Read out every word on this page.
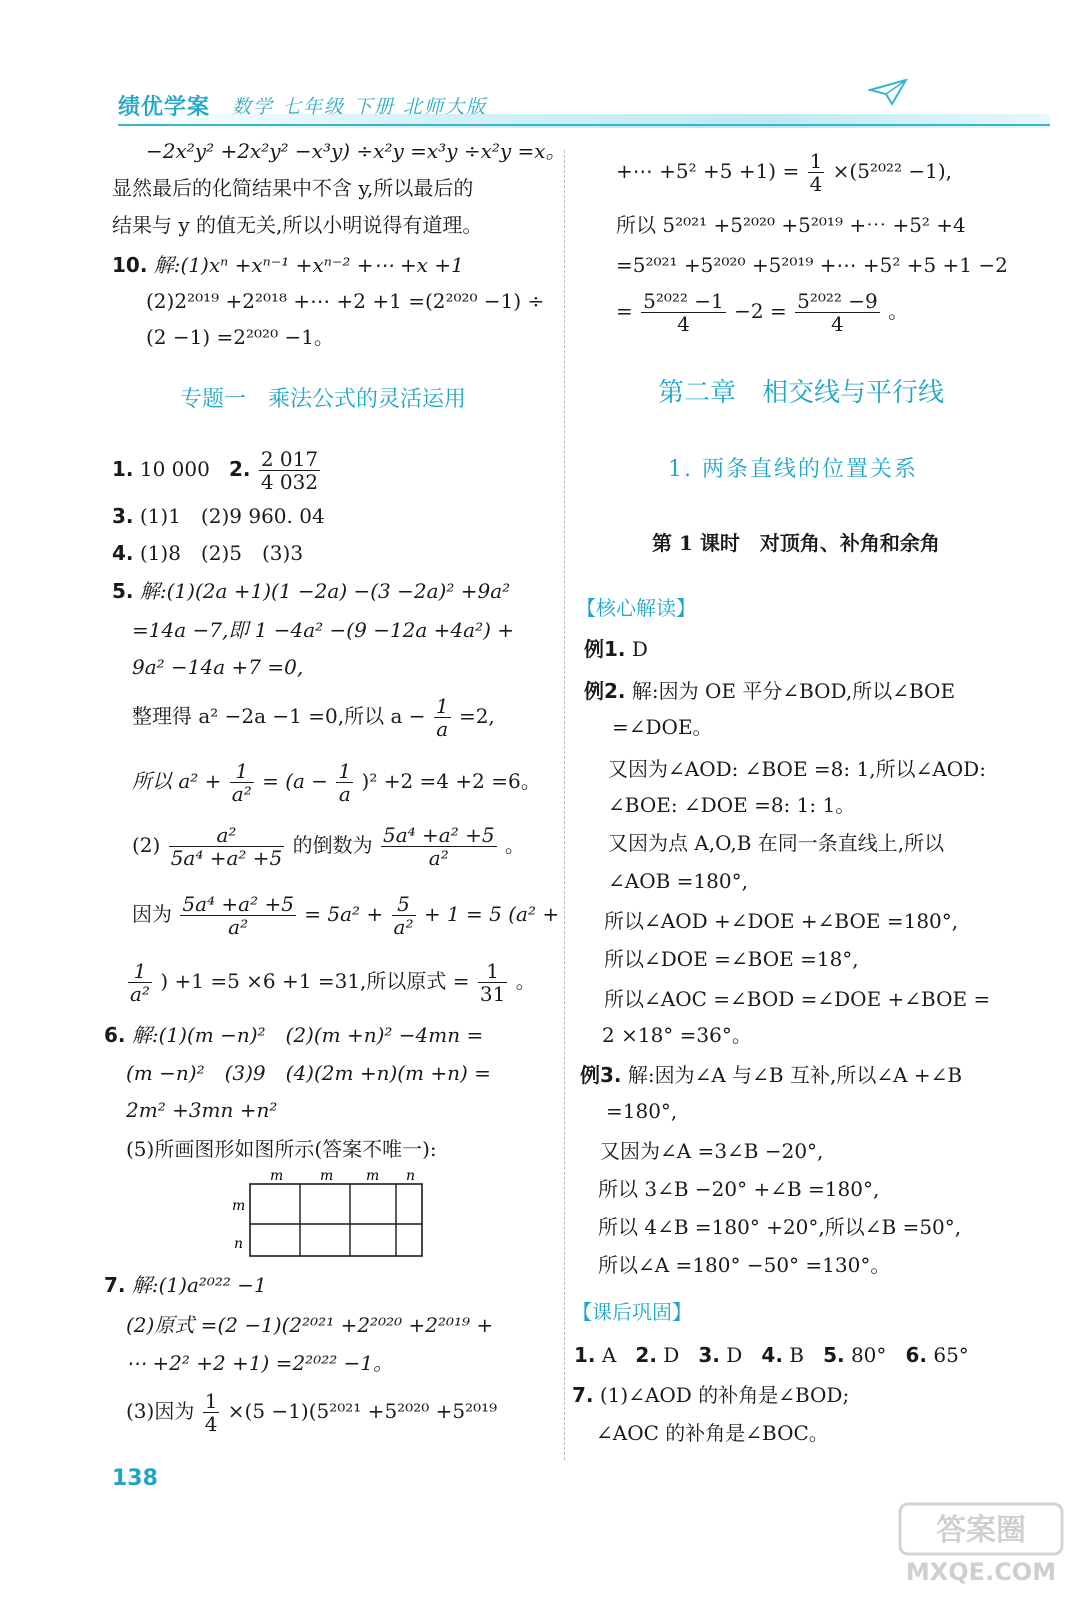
绩优学案 数学 七年级 下册 北师大版
−2x²y² +2x²y² −x³y) ÷x²y =x³y ÷x²y =x。
显然最后的化简结果中不含 y,所以最后的
结果与 y 的值无关,所以小明说得有道理。
10. 解:(1)xⁿ +xⁿ⁻¹ +xⁿ⁻² +⋯ +x +1
(2)2²⁰¹⁹ +2²⁰¹⁸ +⋯ +2 +1 =(2²⁰²⁰ −1) ÷
(2 −1) =2²⁰²⁰ −1。
专题一　乘法公式的灵活运用
1. 10 000 2. $\frac{2 017}{4 032}$
3. (1)1　(2)9 960. 04
4. (1)8　(2)5　(3)3
5. 解:(1)(2a +1)(1 −2a) −(3 −2a)² +9a²
=14a −7,即 1 −4a² −(9 −12a +4a²) +
9a² −14a +7 =0,
整理得 a² −2a −1 =0,所以 $a - \frac{1}{a} =2$,
所以 $a^2 + \frac{1}{\text{a²}} = (a - \frac{1}{a} )^2 +2 =4 +2 =6$。
$(2) \frac{\text{a²}}{\text{5a⁴ +a² +5}}$ 的倒数为 $\frac{\text{5a⁴ +a² +5}}{\text{a²}}$ 。
因为 $\frac{\text{5a⁴ +a² +5}}{\text{a²}} = 5a^2 + \frac{5}{\text{a²}} + 1 = 5$ (a² +
$\frac{1}{\text{a²}}$ ) +1 =5 ×6 +1 =31,所以原式 = $\frac{1}{31}$ 。
6. 解:(1)(m −n)²　(2)(m +n)² −4mn =
(m −n)²　(3)9　(4)(2m +n)(m +n) =
2m² +3mn +n²
(5)所画图形如图所示(答案不唯一):
m	m m n
m
n
7. 解:(1)a²⁰²² −1
(2)原式 =(2 −1)(2²⁰²¹ +2²⁰²⁰ +2²⁰¹⁹ +
⋯ +2² +2 +1) =2²⁰²² −1。
(3)因为 $\frac{1}{4} \times(5 -1)(5^{2021} +5^{2020} +5^{2019}$
138
+⋯ $+5^2 +5 +1) = \frac{1}{4} \times(5^{2022} -1)$,
所以 5²⁰²¹ +5²⁰²⁰ +5²⁰¹⁹ +⋯ +5² +4
=5²⁰²¹ +5²⁰²⁰ +5²⁰¹⁹ +⋯ +5² +5 +1 −2
= $\frac{\text{5²⁰²² −1}}{4} -2 = \frac{\text{5²⁰²² −9}}{4}$ 。
第二章　相交线与平行线
1. 两条直线的位置关系
第 1 课时　对顶角、补角和余角
【核心解读】
例1. D
例2. 解:因为 OE 平分∠BOD,所以∠BOE
=∠DOE。
又因为∠AOD: ∠BOE =8: 1,所以∠AOD:
∠BOE: ∠DOE =8: 1: 1。
又因为点 A,O,B 在同一条直线上,所以
∠AOB =180°,
所以∠AOD +∠DOE +∠BOE =180°,
所以∠DOE =∠BOE =18°,
所以∠AOC =∠BOD =∠DOE +∠BOE =
2 ×18° =36°。
例3. 解:因为∠A 与∠B 互补,所以∠A +∠B
=180°,
又因为∠A =3∠B −20°,
所以 3∠B −20° +∠B =180°,
所以 4∠B =180° +20°,所以∠B =50°,
所以∠A =180° −50° =130°。
【课后巩固】
1. A 2. D 3. D 4. B 5. 80° 6. 65°
7. (1)∠AOD 的补角是∠BOD;
∠AOC 的补角是∠BOC。
答案圈
MXQE.COM
